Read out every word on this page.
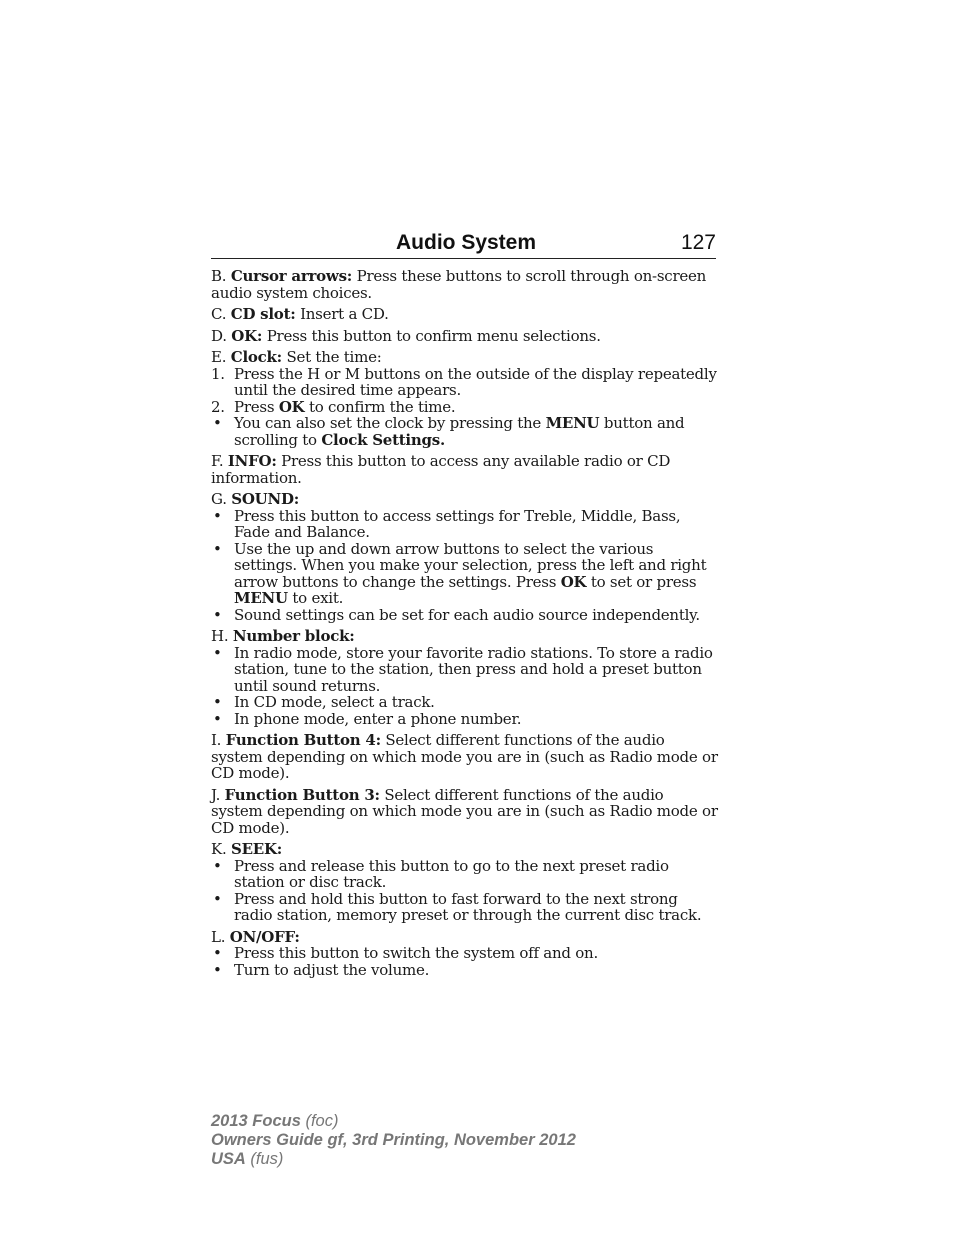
Audio System	127

B. Cursor arrows: Press these buttons to scroll through on-screen audio system choices.

C. CD slot: Insert a CD.

D. OK: Press this button to confirm menu selections.

E. Clock: Set the time:

1. Press the H or M buttons on the outside of the display repeatedly until the desired time appears.
2. Press OK to confirm the time.
• You can also set the clock by pressing the MENU button and scrolling to Clock Settings.

F. INFO: Press this button to access any available radio or CD information.

G. SOUND:

• Press this button to access settings for Treble, Middle, Bass, Fade and Balance.
• Use the up and down arrow buttons to select the various settings. When you make your selection, press the left and right arrow buttons to change the settings. Press OK to set or press MENU to exit.
• Sound settings can be set for each audio source independently.

H. Number block:

• In radio mode, store your favorite radio stations. To store a radio station, tune to the station, then press and hold a preset button until sound returns.
• In CD mode, select a track.
• In phone mode, enter a phone number.

I. Function Button 4: Select different functions of the audio system depending on which mode you are in (such as Radio mode or CD mode).

J. Function Button 3: Select different functions of the audio system depending on which mode you are in (such as Radio mode or CD mode).

K. SEEK:

• Press and release this button to go to the next preset radio station or disc track.
• Press and hold this button to fast forward to the next strong radio station, memory preset or through the current disc track.

L. ON/OFF:

• Press this button to switch the system off and on.
• Turn to adjust the volume.
2013 Focus (foc)
Owners Guide gf, 3rd Printing, November 2012
USA (fus)
